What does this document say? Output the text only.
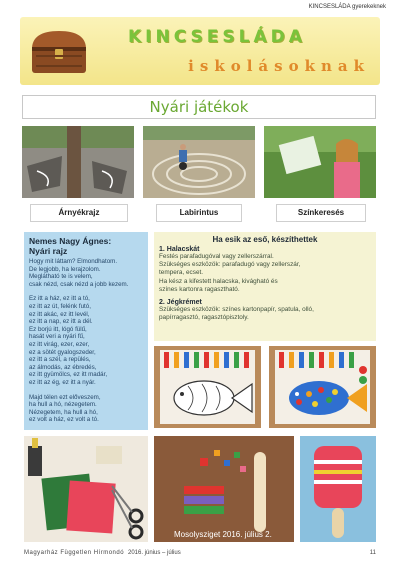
KINCSESLÁDA gyerekeknek
KINCSESLÁDA
iskolásoknak
Nyári játékok
Árnyékrajz	Labirintus	Színkeresés
Nemes Nagy Ágnes:
Nyári rajz
Hogy mit láttam? Elmondhatom.
De legjobb, ha lerajzolom.
Meglátható te is velem,
csak nézd, csak nézd a jobb kezem.
Ez itt a ház, ez itt a tó,
ez itt az út, felénk futó,
ez itt akác, ez itt levél,
ez itt a nap, ez itt a dél.
Ez borjú itt, lógó fülű,
hasát veri a nyári fű,
ez itt virág, ezer, ezer,
ez a sötét gyalogszeder,
ez itt a szél, a repülés,
az álmodás, az ébredés,
ez itt gyümölcs, ez itt madár,
ez itt az ég, ez itt a nyár.
Majd télen ezt előveszem,
ha hull a hó, nézegetem.
Nézegetem, ha hull a hó,
ez volt a ház, ez volt a tó.
Ha esik az eső, készíthettek
1. Halacskát
Festés parafadugóval vagy zellerszárral.
Szükséges eszközök: parafadugó vagy zellerszár,
tempera, ecset.
Ha kész a kifestett halacska, kivágható és
színes kartonra ragasztható.
2. Jégkrémet
Szükséges eszközök: színes kartonpapír, spatula, olló,
papírragasztó, ragasztópisztoly.
Mosolysziget 2016. július 2.
Magyarház Független Hírmondó 2016. június – július	11
